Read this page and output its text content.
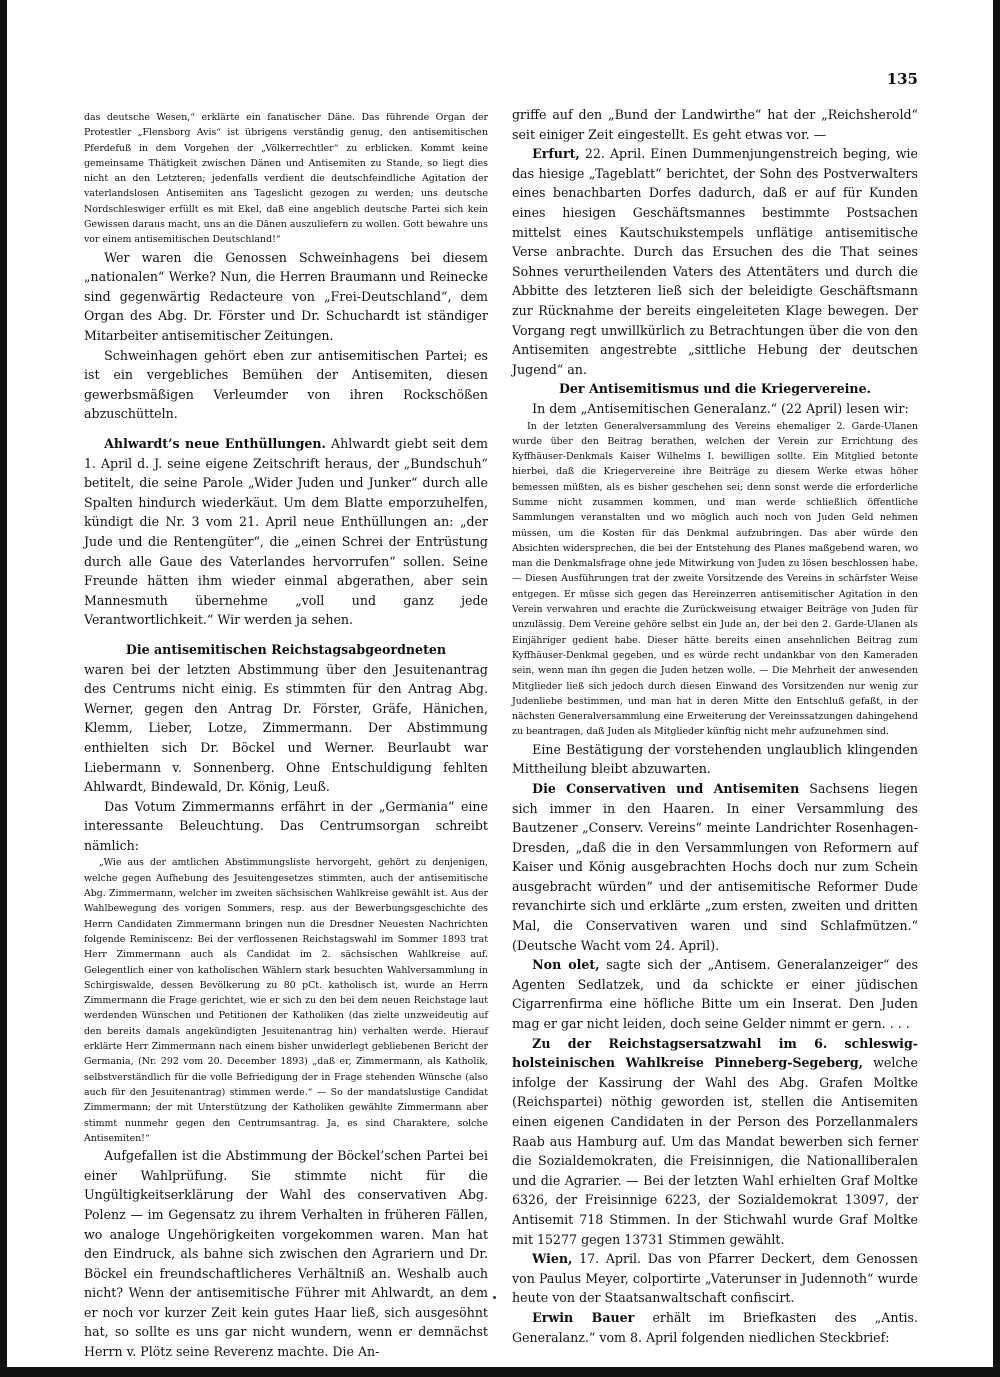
135

das deutsche Wesen,“ erklärte ein fanatischer Däne. Das führende Organ der Protestler „Flensborg Avis“ ist übrigens verständig genug, den antisemitischen Pferdefuß in dem Vorgehen der „Völkerrechtler“ zu erblicken. Kommt keine gemeinsame Thätigkeit zwischen Dänen und Antisemiten zu Stande, so liegt dies nicht an den Letzteren; jedenfalls verdient die deutschfeindliche Agitation der vaterlandslosen Antisemiten ans Tageslicht gezogen zu werden; uns deutsche Nordschleswiger erfüllt es mit Ekel, daß eine angeblich deutsche Partei sich kein Gewissen daraus macht, uns an die Dänen auszuliefern zu wollen. Gott bewahre uns vor einem antisemitischen Deutschland!“

Wer waren die Genossen Schweinhagens bei diesem „nationalen“ Werke? Nun, die Herren Braumann und Reinecke sind gegenwärtig Redacteure von „Frei-Deutschland“, dem Organ des Abg. Dr. Förster und Dr. Schuchardt ist ständiger Mitarbeiter antisemitischer Zeitungen.

Schweinhagen gehört eben zur antisemitischen Partei; es ist ein vergebliches Bemühen der Antisemiten, diesen gewerbsmäßigen Verleumder von ihren Rockschößen abzuschütteln.

Ahlwardt’s neue Enthüllungen. Ahlwardt giebt seit dem 1. April d. J. seine eigene Zeitschrift heraus, der „Bundschuh“ betitelt, die seine Parole „Wider Juden und Junker“ durch alle Spalten hindurch wiederkäut. Um dem Blatte emporzuhelfen, kündigt die Nr. 3 vom 21. April neue Enthüllungen an: „der Jude und die Rentengüter“, die „einen Schrei der Entrüstung durch alle Gaue des Vaterlandes hervorrufen“ sollen. Seine Freunde hätten ihm wieder einmal abgerathen, aber sein Mannesmuth übernehme „voll und ganz jede Verantwortlichkeit.“ Wir werden ja sehen.

Die antisemitischen Reichstagsabgeordneten

waren bei der letzten Abstimmung über den Jesuitenantrag des Centrums nicht einig. Es stimmten für den Antrag Abg. Werner, gegen den Antrag Dr. Förster, Gräfe, Hänichen, Klemm, Lieber, Lotze, Zimmermann. Der Abstimmung enthielten sich Dr. Böckel und Werner. Beurlaubt war Liebermann v. Sonnenberg. Ohne Entschuldigung fehlten Ahlwardt, Bindewald, Dr. König, Leuß.

Das Votum Zimmermanns erfährt in der „Germania“ eine interessante Beleuchtung. Das Centrumsorgan schreibt nämlich:

„Wie aus der amtlichen Abstimmungsliste hervorgeht, gehört zu denjenigen, welche gegen Aufhebung des Jesuitengesetzes stimmten, auch der antisemitische Abg. Zimmermann, welcher im zweiten sächsischen Wahlkreise gewählt ist. Aus der Wahlbewegung des vorigen Sommers, resp. aus der Bewerbungsgeschichte des Herrn Candidaten Zimmermann bringen nun die Dresdner Neuesten Nachrichten folgende Reminiscenz: Bei der verflossenen Reichstagswahl im Sommer 1893 trat Herr Zimmermann auch als Candidat im 2. sächsischen Wahlkreise auf. Gelegentlich einer von katholischen Wählern stark besuchten Wahlversammlung in Schirgiswalde, dessen Bevölkerung zu 80 pCt. katholisch ist, wurde an Herrn Zimmermann die Frage gerichtet, wie er sich zu den bei dem neuen Reichstage laut werdenden Wünschen und Petitionen der Katholiken (das zielte unzweideutig auf den bereits damals angekündigten Jesuitenantrag hin) verhalten werde. Hierauf erklärte Herr Zimmermann nach einem bisher unwiderlegt gebliebenen Bericht der Germania, (Nr. 292 vom 20. December 1893) „daß er, Zimmermann, als Katholik, selbstverständlich für die volle Befriedigung der in Frage stehenden Wünsche (also auch für den Jesuitenantrag) stimmen werde.“ — So der mandatslustige Candidat Zimmermann; der mit Unterstützung der Katholiken gewählte Zimmermann aber stimmt nunmehr gegen den Centrumsantrag. Ja, es sind Charaktere, solche Antisemiten!“

Aufgefallen ist die Abstimmung der Böckel’schen Partei bei einer Wahlprüfung. Sie stimmte nicht für die Ungültigkeitserklärung der Wahl des conservativen Abg. Polenz — im Gegensatz zu ihrem Verhalten in früheren Fällen, wo analoge Ungehörigkeiten vorgekommen waren. Man hat den Eindruck, als bahne sich zwischen den Agrariern und Dr. Böckel ein freundschaftlicheres Verhältniß an. Weshalb auch nicht? Wenn der antisemitische Führer mit Ahlwardt, an dem er noch vor kurzer Zeit kein gutes Haar ließ, sich ausgesöhnt hat, so sollte es uns gar nicht wundern, wenn er demnächst Herrn v. Plötz seine Reverenz machte. Die An-

griffe auf den „Bund der Landwirthe“ hat der „Reichsherold“ seit einiger Zeit eingestellt. Es geht etwas vor. —

Erfurt, 22. April. Einen Dummenjungenstreich beging, wie das hiesige „Tageblatt“ berichtet, der Sohn des Postverwalters eines benachbarten Dorfes dadurch, daß er auf für Kunden eines hiesigen Geschäftsmannes bestimmte Postsachen mittelst eines Kautschukstempels unflätige antisemitische Verse anbrachte. Durch das Ersuchen des die That seines Sohnes verurtheilenden Vaters des Attentäters und durch die Abbitte des letzteren ließ sich der beleidigte Geschäftsmann zur Rücknahme der bereits eingeleiteten Klage bewegen. Der Vorgang regt unwillkürlich zu Betrachtungen über die von den Antisemiten angestrebte „sittliche Hebung der deutschen Jugend“ an.

Der Antisemitismus und die Kriegervereine.

In dem „Antisemitischen Generalanz.“ (22 April) lesen wir:

In der letzten Generalversammlung des Vereins ehemaliger 2. Garde-Ulanen wurde über den Beitrag berathen, welchen der Verein zur Errichtung des Kyffhäuser-Denkmals Kaiser Wilhelms I. bewilligen sollte. Ein Mitglied betonte hierbei, daß die Kriegervereine ihre Beiträge zu diesem Werke etwas höher bemessen müßten, als es bisher geschehen sei; denn sonst werde die erforderliche Summe nicht zusammen kommen, und man werde schließlich öffentliche Sammlungen veranstalten und wo möglich auch noch von Juden Geld nehmen müssen, um die Kosten für das Denkmal aufzubringen. Das aber würde den Absichten widersprechen, die bei der Entstehung des Planes maßgebend waren, wo man die Denkmalsfrage ohne jede Mitwirkung von Juden zu lösen beschlossen habe. — Diesen Ausführungen trat der zweite Vorsitzende des Vereins in schärfster Weise entgegen. Er müsse sich gegen das Hereinzerren antisemitischer Agitation in den Verein verwahren und erachte die Zurückweisung etwaiger Beiträge von Juden für unzulässig. Dem Vereine gehöre selbst ein Jude an, der bei den 2. Garde-Ulanen als Einjähriger gedient habe. Dieser hätte bereits einen ansehnlichen Beitrag zum Kyffhäuser-Denkmal gegeben, und es würde recht undankbar von den Kameraden sein, wenn man ihn gegen die Juden hetzen wolle. — Die Mehrheit der anwesenden Mitglieder ließ sich jedoch durch diesen Einwand des Vorsitzenden nur wenig zur Judenliebe bestimmen, und man hat in deren Mitte den Entschluß gefaßt, in der nächsten Generalversammlung eine Erweiterung der Vereinssatzungen dahingehend zu beantragen, daß Juden als Mitglieder künftig nicht mehr aufzunehmen sind.

Eine Bestätigung der vorstehenden unglaublich klingenden Mittheilung bleibt abzuwarten.

Die Conservativen und Antisemiten Sachsens liegen sich immer in den Haaren. In einer Versammlung des Bautzener „Conserv. Vereins“ meinte Landrichter Rosenhagen-Dresden, „daß die in den Versammlungen von Reformern auf Kaiser und König ausgebrachten Hochs doch nur zum Schein ausgebracht würden“ und der antisemitische Reformer Dude revanchirte sich und erklärte „zum ersten, zweiten und dritten Mal, die Conservativen waren und sind Schlafmützen.“ (Deutsche Wacht vom 24. April).

Non olet, sagte sich der „Antisem. Generalanzeiger“ des Agenten Sedlatzek, und da schickte er einer jüdischen Cigarrenfirma eine höfliche Bitte um ein Inserat. Den Juden mag er gar nicht leiden, doch seine Gelder nimmt er gern. . . .

Zu der Reichstagsersatzwahl im 6. schleswig-holsteinischen Wahlkreise Pinneberg-Segeberg, welche infolge der Kassirung der Wahl des Abg. Grafen Moltke (Reichspartei) nöthig geworden ist, stellen die Antisemiten einen eigenen Candidaten in der Person des Porzellanmalers Raab aus Hamburg auf. Um das Mandat bewerben sich ferner die Sozialdemokraten, die Freisinnigen, die Nationalliberalen und die Agrarier. — Bei der letzten Wahl erhielten Graf Moltke 6326, der Freisinnige 6223, der Sozialdemokrat 13097, der Antisemit 718 Stimmen. In der Stichwahl wurde Graf Moltke mit 15277 gegen 13731 Stimmen gewählt.

Wien, 17. April. Das von Pfarrer Deckert, dem Genossen von Paulus Meyer, colportirte „Vaterunser in Judennoth“ wurde heute von der Staatsanwaltschaft confiscirt.

Erwin Bauer erhält im Briefkasten des „Antis. Generalanz.“ vom 8. April folgenden niedlichen Steckbrief:
